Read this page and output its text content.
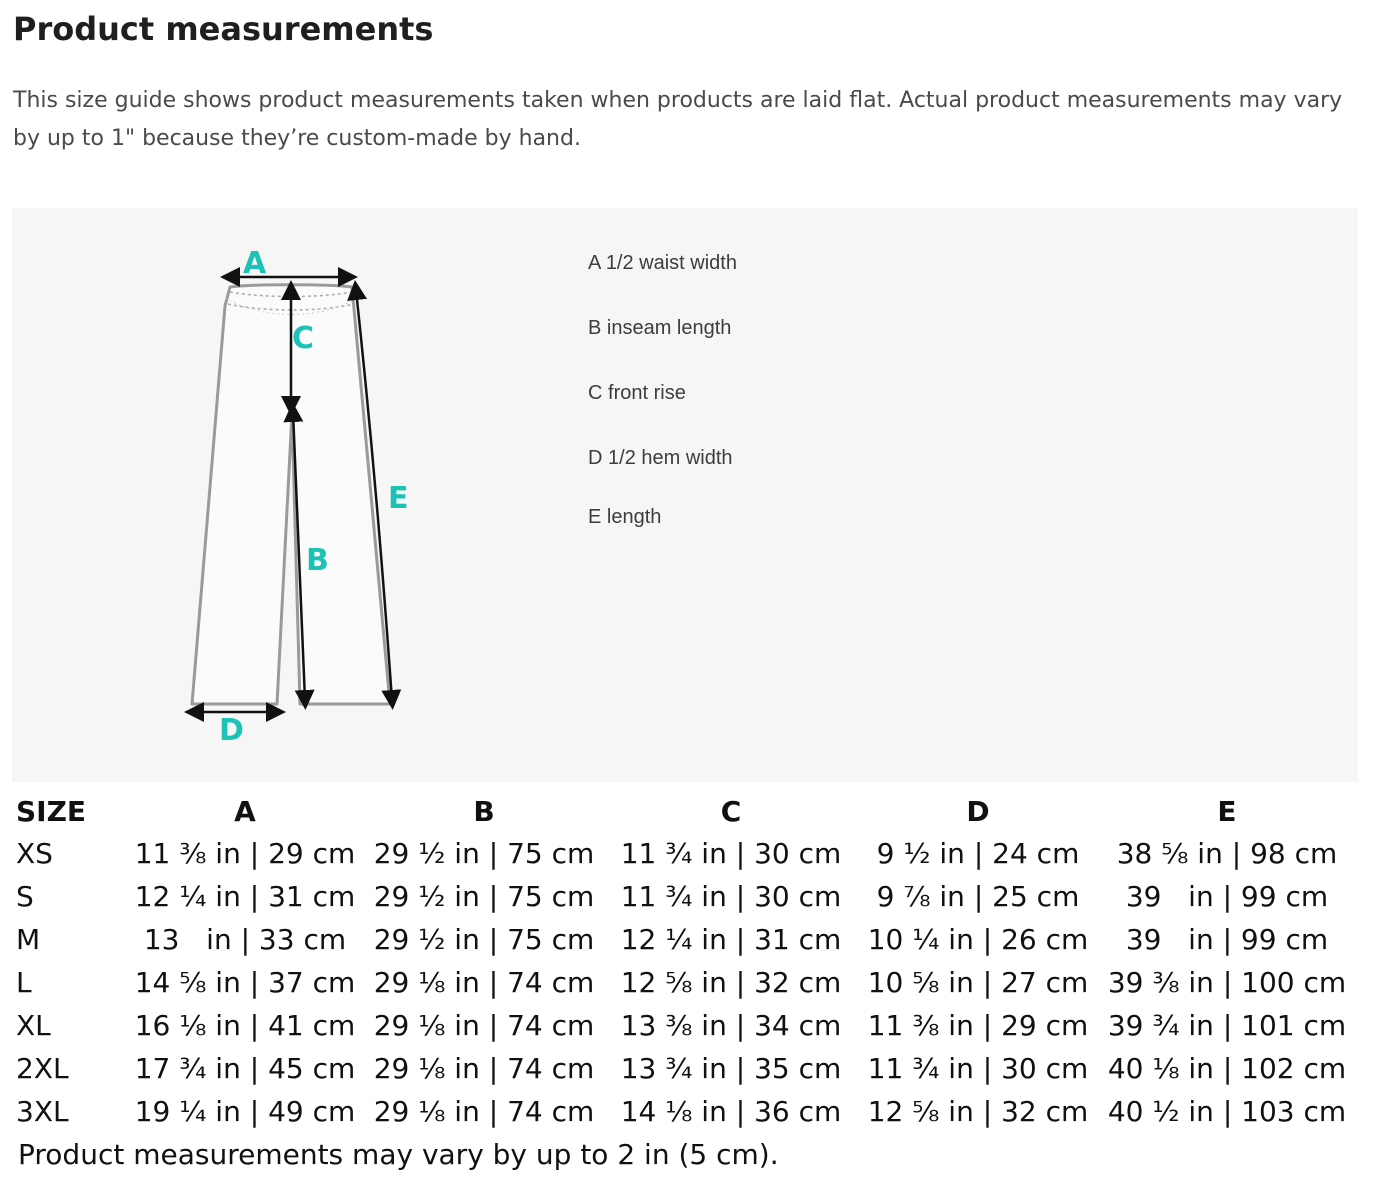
Product measurements

This size guide shows product measurements taken when products are laid flat. Actual product measurements may vary by up to 1" because they’re custom-made by hand.

A
C
B
E
D
A 1/2 waist width
B inseam length
C front rise
D 1/2 hem width
E length
SIZE	A	B	C	D	E
XS	11 ⅜ in | 29 cm	29 ½ in | 75 cm	11 ¾ in | 30 cm	9 ½ in | 24 cm	38 ⅝ in | 98 cm
S	12 ¼ in | 31 cm	29 ½ in | 75 cm	11 ¾ in | 30 cm	9 ⅞ in | 25 cm	39   in | 99 cm
M	13   in | 33 cm	29 ½ in | 75 cm	12 ¼ in | 31 cm	10 ¼ in | 26 cm	39   in | 99 cm
L	14 ⅝ in | 37 cm	29 ⅛ in | 74 cm	12 ⅝ in | 32 cm	10 ⅝ in | 27 cm	39 ⅜ in | 100 cm
XL	16 ⅛ in | 41 cm	29 ⅛ in | 74 cm	13 ⅜ in | 34 cm	11 ⅜ in | 29 cm	39 ¾ in | 101 cm
2XL	17 ¾ in | 45 cm	29 ⅛ in | 74 cm	13 ¾ in | 35 cm	11 ¾ in | 30 cm	40 ⅛ in | 102 cm
3XL	19 ¼ in | 49 cm	29 ⅛ in | 74 cm	14 ⅛ in | 36 cm	12 ⅝ in | 32 cm	40 ½ in | 103 cm

Product measurements may vary by up to 2 in (5 cm).
